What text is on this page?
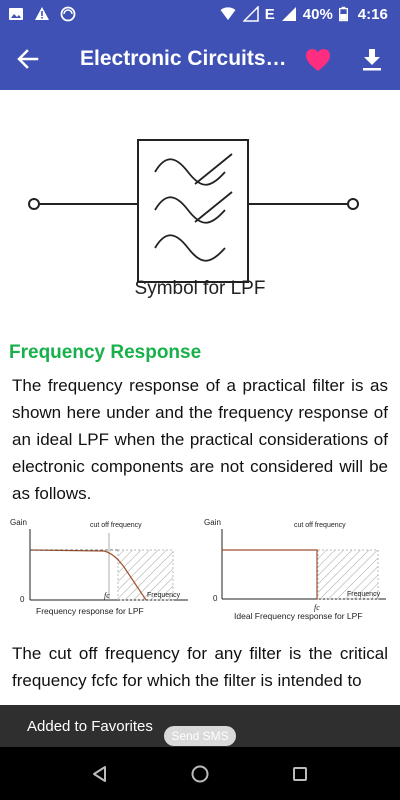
E 40% 4:16
Electronic Circuits…
Symbol for LPF
Frequency Response
The frequency response of a practical filter is as shown here under and the frequency response of an ideal LPF when the practical considerations of electronic components are not considered will be as follows.
Gain	cut off frequency
0	fc	Frequency
Frequency response for LPF
Gain	cut off frequency
0
fc
Frequency
Ideal Frequency response for LPF
The cut off frequency for any filter is the critical frequency fcfc for which the filter is intended to
Added to Favorites
Send SMS
